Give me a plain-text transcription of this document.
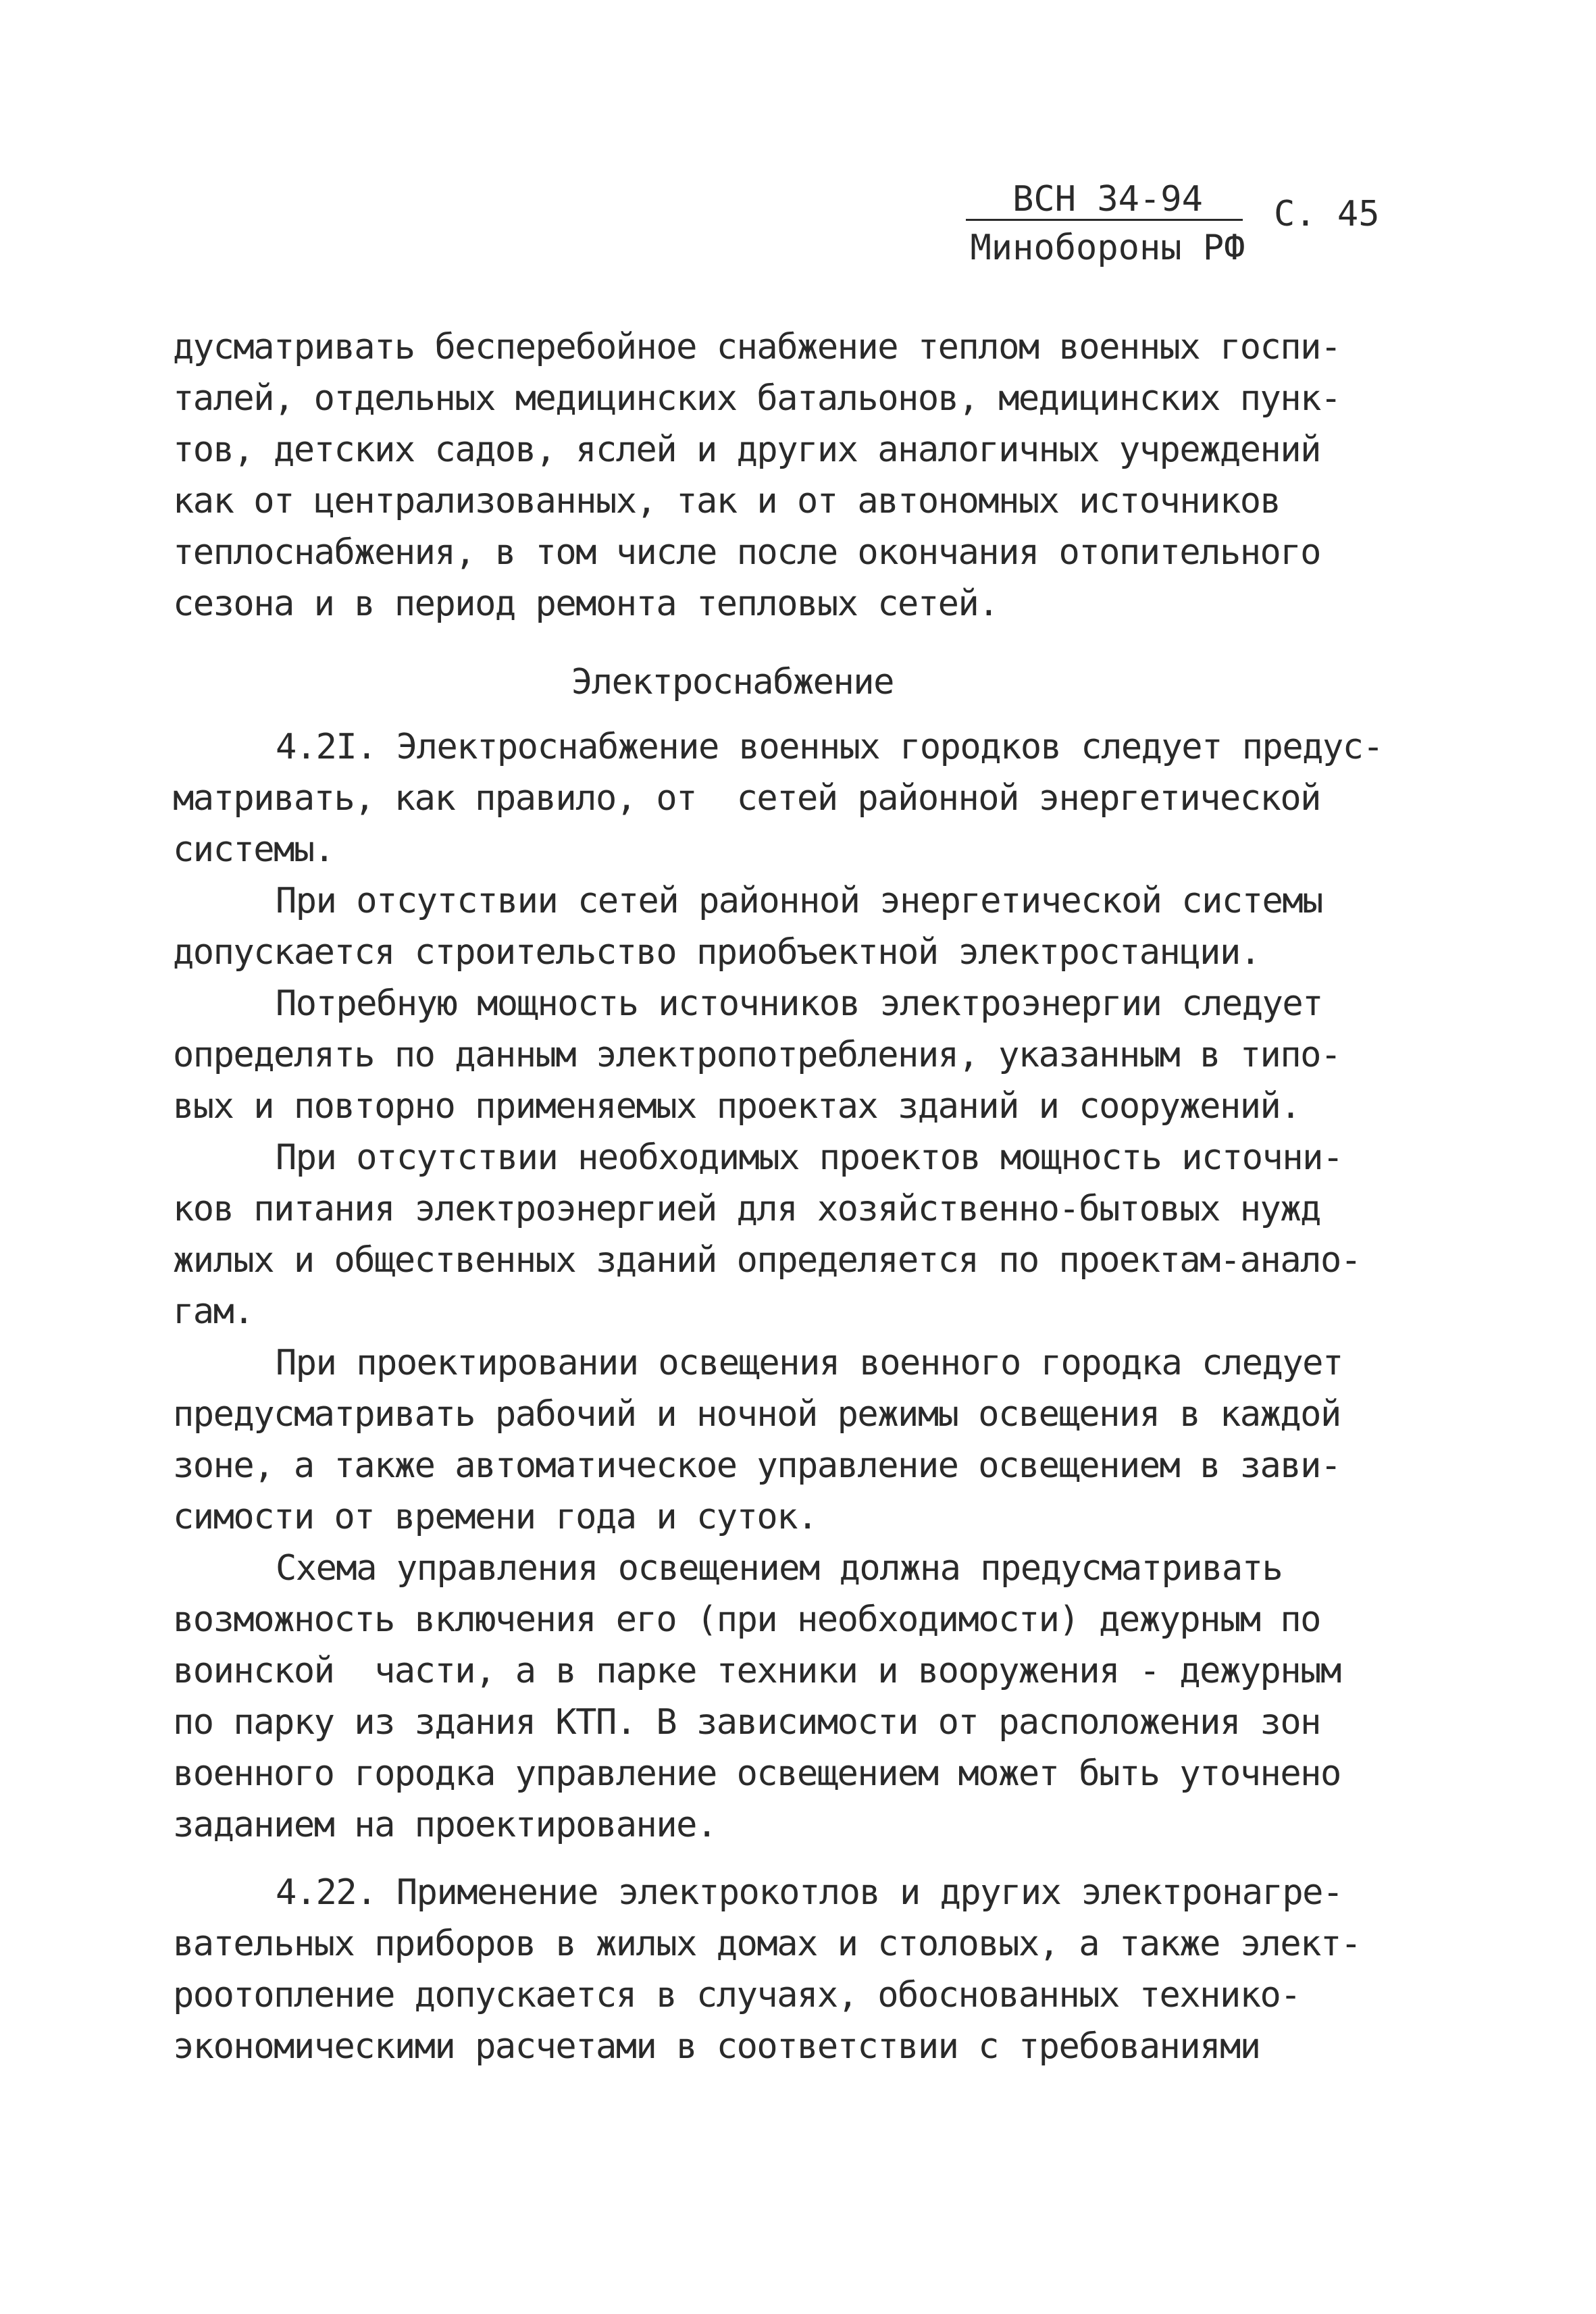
ВСН 34-94
Минобороны РФ
С. 45

дусматривать бесперебойное снабжение теплом военных госпи-
талей, отдельных медицинских батальонов, медицинских пунк-
тов, детских садов, яслей и других аналогичных учреждений
как от централизованных, так и от автономных источников
теплоснабжения, в том числе после окончания отопительного
сезона и в период ремонта тепловых сетей.

Электроснабжение

4.2I. Электроснабжение военных городков следует предус-
матривать, как правило, от  сетей районной энергетической
системы.

При отсутствии сетей районной энергетической системы
допускается строительство приобъектной электростанции.

Потребную мощность источников электроэнергии следует
определять по данным электропотребления, указанным в типо-
вых и повторно применяемых проектах зданий и сооружений.

При отсутствии необходимых проектов мощность источни-
ков питания электроэнергией для хозяйственно-бытовых нужд
жилых и общественных зданий определяется по проектам-анало-
гам.

При проектировании освещения военного городка следует
предусматривать рабочий и ночной режимы освещения в каждой
зоне, а также автоматическое управление освещением в зави-
симости от времени года и суток.

Схема управления освещением должна предусматривать
возможность включения его (при необходимости) дежурным по
воинской  части, а в парке техники и вооружения - дежурным
по парку из здания КТП. В зависимости от расположения зон
военного городка управление освещением может быть уточнено
заданием на проектирование.

4.22. Применение электрокотлов и других электронагре-
вательных приборов в жилых домах и столовых, а также элект-
роотопление допускается в случаях, обоснованных технико-
экономическими расчетами в соответствии с требованиями
